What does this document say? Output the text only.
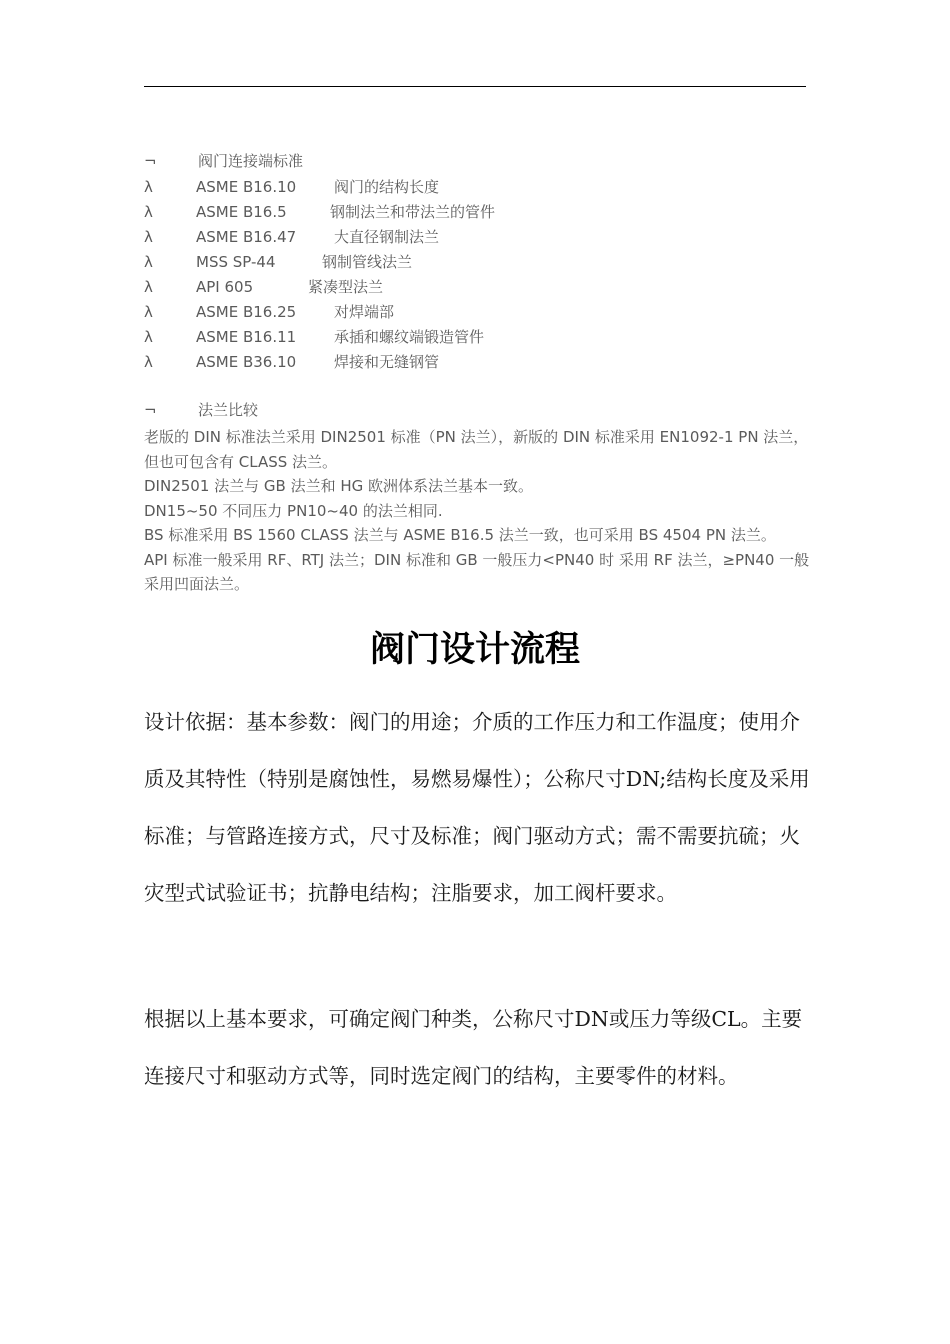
¬	阀门连接端标准
λ	ASME B16.10	阀门的结构长度
λ	ASME B16.5	钢制法兰和带法兰的管件
λ	ASME B16.47	大直径钢制法兰
λ	MSS SP-44	钢制管线法兰
λ	API 605	紧凑型法兰
λ	ASME B16.25	对焊端部
λ	ASME B16.11	承插和螺纹端锻造管件
λ	ASME B36.10	焊接和无缝钢管
¬	法兰比较

老版的 DIN 标准法兰采用 DIN2501 标准（PN 法兰），新版的 DIN 标准采用 EN1092-1 PN 法兰，但也可包含有 CLASS 法兰。

DIN2501 法兰与 GB 法兰和 HG 欧洲体系法兰基本一致。

DN15~50 不同压力 PN10~40 的法兰相同.

BS 标准采用 BS 1560 CLASS 法兰与 ASME B16.5 法兰一致，也可采用 BS 4504 PN 法兰。

API 标准一般采用 RF、RTJ 法兰；DIN 标准和 GB 一般压力<PN40 时 采用 RF 法兰，≥PN40 一般采用凹面法兰。

阀门设计流程

设计依据：基本参数：阀门的用途；介质的工作压力和工作温度；使用介质及其特性（特别是腐蚀性，易燃易爆性）；公称尺寸DN;结构长度及采用标准；与管路连接方式，尺寸及标准；阀门驱动方式；需不需要抗硫；火灾型式试验证书；抗静电结构；注脂要求，加工阀杆要求。

根据以上基本要求，可确定阀门种类，公称尺寸DN或压力等级CL。主要连接尺寸和驱动方式等，同时选定阀门的结构，主要零件的材料。
